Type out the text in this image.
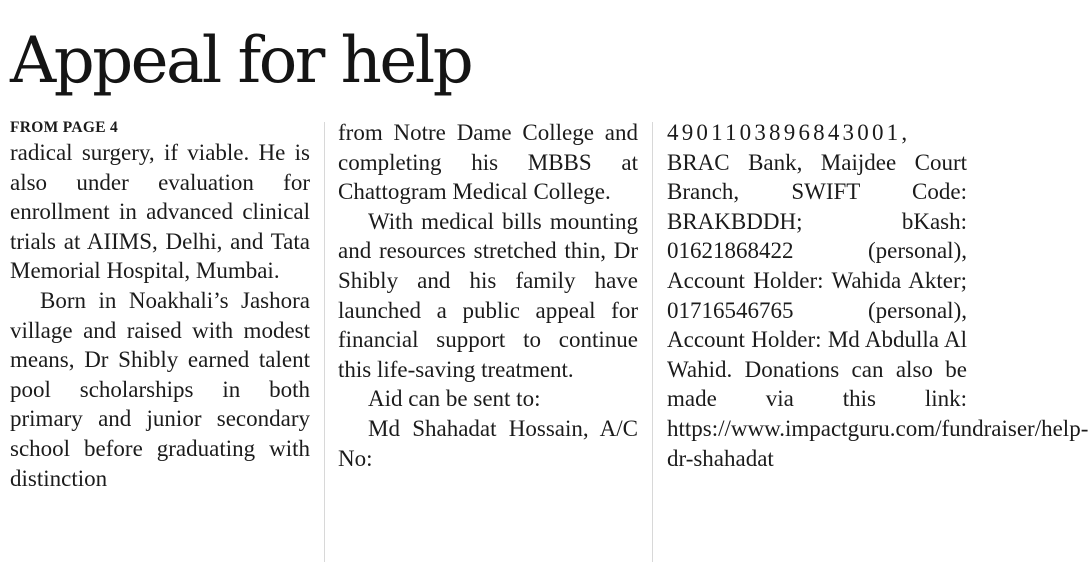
Appeal for help
FROM PAGE 4

radical surgery, if viable. He is also under evaluation for enrollment in advanced clinical trials at AIIMS, Delhi, and Tata Memorial Hospital, Mumbai.

Born in Noakhali’s Jashora village and raised with modest means, Dr Shibly earned talent pool scholarships in both primary and junior secondary school before graduating with distinction

from Notre Dame College and completing his MBBS at Chattogram Medical College.

With medical bills mounting and resources stretched thin, Dr Shibly and his family have launched a public appeal for financial support to continue this life-saving treatment.

Aid can be sent to:

Md Shahadat Hossain, A/C No:

4901103896843001,

BRAC Bank, Maijdee Court Branch, SWIFT Code: BRAKBDDH; bKash: 01621868422 (personal), Account Holder: Wahida Akter; 01716546765 (personal), Account Holder: Md Abdulla Al Wahid. Donations can also be made via this link: https://www.impactguru.com/fundraiser/help-dr-shahadat
